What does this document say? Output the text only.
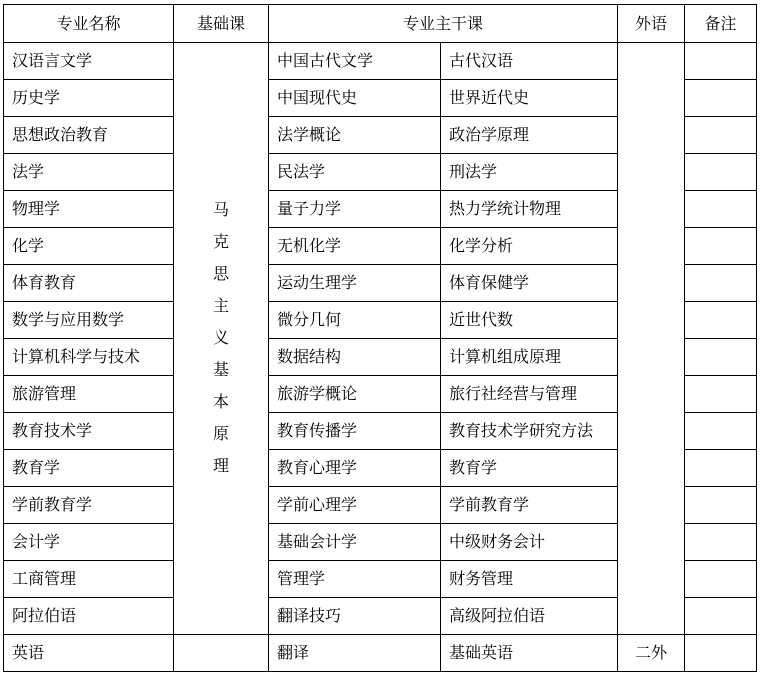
专业名称	基础课	专业主干课		外语	备注
汉语言文学	马克思主义基本原理	中国古代文学	古代汉语		
历史学		中国现代史	世界近代史		
思想政治教育		法学概论	政治学原理		
法学		民法学	刑法学		
物理学		量子力学	热力学统计物理		
化学		无机化学	化学分析		
体育教育		运动生理学	体育保健学		
数学与应用数学		微分几何	近世代数		
计算机科学与技术		数据结构	计算机组成原理		
旅游管理		旅游学概论	旅行社经营与管理		
教育技术学		教育传播学	教育技术学研究方法		
教育学		教育心理学	教育学		
学前教育学		学前心理学	学前教育学		
会计学		基础会计学	中级财务会计		
工商管理		管理学	财务管理		
阿拉伯语		翻译技巧	高级阿拉伯语		
英语		翻译	基础英语	二外	
